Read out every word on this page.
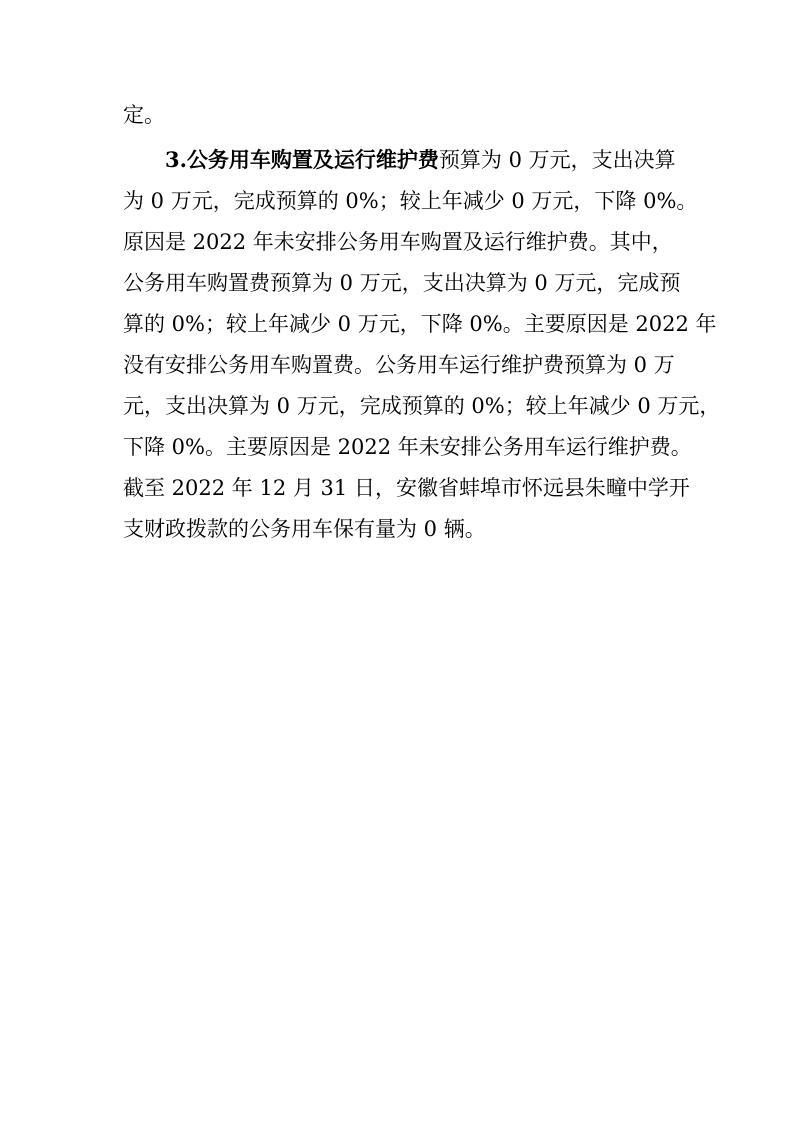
定。
3.公务用车购置及运行维护费预算为 0 万元，支出决算
为 0 万元，完成预算的 0%；较上年减少 0 万元，下降 0%。
原因是 2022 年未安排公务用车购置及运行维护费。其中，
公务用车购置费预算为 0 万元，支出决算为 0 万元，完成预
算的 0%；较上年减少 0 万元，下降 0%。主要原因是 2022 年
没有安排公务用车购置费。公务用车运行维护费预算为 0 万
元，支出决算为 0 万元，完成预算的 0%；较上年减少 0 万元，
下降 0%。主要原因是 2022 年未安排公务用车运行维护费。
截至 2022 年 12 月 31 日，安徽省蚌埠市怀远县朱疃中学开
支财政拨款的公务用车保有量为 0 辆。
